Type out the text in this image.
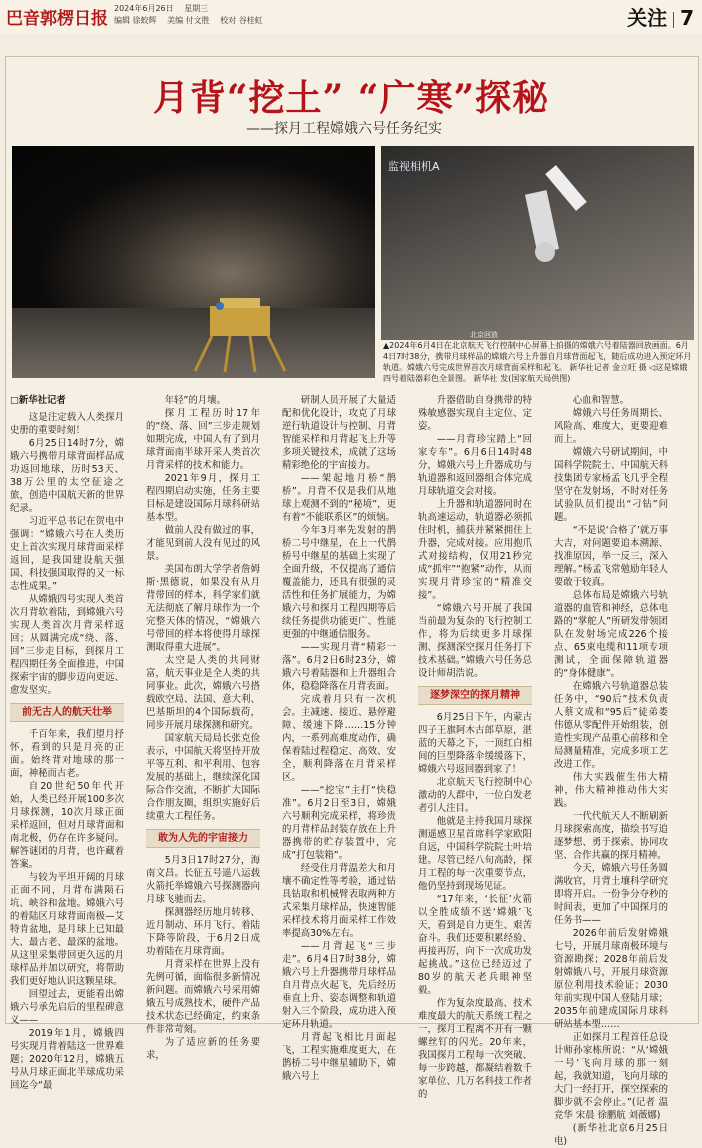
巴音郭楞日报
2024年6月26日 星期三
编辑 徐蛟辉 美编 付文胜 校对 谷桂虹	关注 7
月背“挖土” “广寒”探秘
——探月工程嫦娥六号任务纪实
监视相机A
北京回放
▲2024年6月4日在北京航天飞行控制中心屏幕上拍摄的嫦娥六号着陆器回放画面。6月4日7时38分，携带月球样品的嫦娥六号上升器自月球背面起飞，随后成功进入预定环月轨道。嫦娥六号完成世界首次月球背面采样和起飞。 新华社记者 金立旺 摄 ◁这是嫦娥四号着陆器彩色全景图。 新华社 发(国家航天局供图)
□新华社记者

这是注定载入人类探月史册的重要时刻！

6月25日14时7分，嫦娥六号携带月球背面样品成功返回地球，历时53天、38万公里的太空征途之旅，创造中国航天新的世界纪录。

习近平总书记在贺电中强调：“嫦娥六号在人类历史上首次实现月球背面采样返回，是我国建设航天强国、科技强国取得的又一标志性成果。”

从嫦娥四号实现人类首次月背软着陆，到嫦娥六号实现人类首次月背采样返回；从圆满完成“绕、落、回”三步走目标，到探月工程四期任务全面推进，中国探索宇宙的脚步迈向更远、愈发坚实。

前无古人的航天壮举

千百年来，我们望月抒怀，看到的只是月亮的正面。始终背对地球的那一面，神秘而古老。

自20世纪50年代开始，人类已经开展100多次月球探测，10次月球正面采样返回，但对月球背面和南北极，仍存在许多疑问。解答谜团的月背，也许藏着答案。

与较为平坦开阔的月球正面不同，月背布满陨石坑、峡谷和盆地。嫦娥六号的着陆区月球背面南极—艾特肯盆地，是月球上已知最大、最古老、最深的盆地。从这里采集带回更久远的月球样品并加以研究，将帮助我们更好地认识这颗星球。

回望过去，更能看出嫦娥六号承先启后的里程碑意义——

2019年1月，嫦娥四号实现月背着陆这一世界难题；2020年12月，嫦娥五号从月球正面北半球成功采回迄今“最

年轻”的月壤。

探月工程历时17年的“绕、落、回”三步走规划如期完成，中国人有了到月球背面南半球开采人类首次月背采样的技术和能力。

2021年9月，探月工程四期启动实施，任务主要目标是建设国际月球科研站基本型。

做前人没有做过的事，才能见到前人没有见过的风景。

美国布朗大学学者詹姆斯·黑德说，如果没有从月背带回的样本，科学家们就无法彻底了解月球作为一个完整天体的情况，“嫦娥六号带回的样本将使得月球探测取得重大进展”。

太空是人类的共同财富，航天事业是全人类的共同事业。此次，嫦娥六号搭载欧空局、法国、意大利、巴基斯坦的4个国际载荷，同步开展月球探测和研究。

国家航天局局长张克俭表示，中国航天将坚持开放平等互利、和平利用、包容发展的基础上，继续深化国际合作交流，不断扩大国际合作朋友圈，组织实施好后续重大工程任务。

敢为人先的宇宙接力

5月3日17时27分，海南文昌。长征五号遥八运载火箭托举嫦娥六号探测器向月球飞驰而去。

探测器经历地月转移、近月制动、环月飞行、着陆下降等阶段，于6月2日成功着陆在月球背面。

月背采样在世界上没有先例可循，面临很多新情况新问题。而嫦娥六号采用嫦娥五号成熟技术，硬件产品技术状态已经确定，约束条件非常苛刻。

为了适应新的任务要求，

研制人员开展了大量适配和优化设计，攻克了月球逆行轨道设计与控制、月背智能采样和月背起飞上升等多项关键技术，成就了这场精彩绝伦的宇宙接力。

——架起地月桥“鹊桥”。月背不仅是我们从地球上观测不到的“秘境”，更有着“不能联系区”的烦恼。

今年3月率先发射的鹊桥二号中继星，在上一代鹊桥号中继星的基础上实现了全面升级，不仅提高了通信覆盖能力，还具有很强的灵活性和任务扩展能力，为嫦娥六号和探月工程四期等后续任务提供功能更广、性能更强的中继通信服务。

——实现月背“精彩一落”。6月2日6时23分，嫦娥六号着陆器和上升器组合体，稳稳降落在月背表面。

完成着月只有一次机会。主减速、接近、悬停避障、缓速下降……15分钟内，一系列高难度动作，确保着陆过程稳定、高效、安全，顺利降落在月背采样区。

——“挖宝”主打“快稳准”。6月2日至3日，嫦娥六号顺利完成采样，将珍贵的月背样品封装存放在上升器携带的贮存装置中，完成“打包装箱”。

经受住月背温差大和月壤不确定性等考验，通过钻具钻取和机械臂表取两种方式采集月球样品，快速智能采样技术将月面采样工作效率提高30%左右。

——月背起飞“三步走”。6月4日7时38分，嫦娥六号上升器携带月球样品自月背点火起飞，先后经历垂直上升、姿态调整和轨道射入三个阶段，成功进入预定环月轨道。

月背起飞相比月面起飞，工程实施难度更大，在鹊桥二号中继星辅助下，嫦娥六号上

升器借助自身携带的特殊敏感器实现自主定位、定姿。

——月背珍宝踏上“回家专车”。6月6日14时48分，嫦娥六号上升器成功与轨道器和返回器组合体完成月球轨道交会对接。

上升器和轨道器同时在轨高速运动，轨道器必须抓住时机，捕获并紧紧拥住上升器，完成对接。应用抱爪式对接结构，仅用21秒完成“抓牢”“抱紧”动作，从而实现月背珍宝的“精准交接”。

“嫦娥六号开展了我国当前最为复杂的飞行控制工作，将为后续更多月球探测、探测深空探月任务打下技术基础。”嫦娥六号任务总设计师胡浩说。

逐梦深空的探月精神

6月25日下午，内蒙古四子王旗阿木古郎草原，湛蓝的天幕之下，一顶红白相间的巨型降落伞缓缓落下，嫦娥六号返回器到家了！

北京航天飞行控制中心激动的人群中，一位白发老者引人注目。

他就是主持我国月球探测遥感卫星首席科学家欧阳自远，中国科学院院士叶培建。尽管已经八旬高龄，探月工程的每一次重要节点，他仍坚持到现场见证。

“17年来，‘长征’火箭以全胜成绩不送‘嫦娥’飞天，看到是自力更生、艰苦奋斗。我们还要积累经验、再接再厉，向下一次成功发起挑战。”这位已经迈过了80岁的航天老兵眼神坚毅。

作为复杂度最高、技术难度最大的航天系统工程之一，探月工程离不开有一颗螺丝钉的闪光。20年来，我国探月工程每一次突破、每一步跨越，都凝结着数千家单位、几万名科技工作者的

心血和智慧。

嫦娥六号任务周期长、风险高、难度大，更要迎难而上。

嫦娥六号研试期间，中国科学院院士、中国航天科技集团专家杨孟飞几乎全程坚守在发射场，不时对任务试验队员们提出“刁钻”问题。

“不是说‘合格了’就万事大吉，对问题要追本溯源、找准原因，举一反三，深入理解。”杨孟飞常勉励年轻人要敢于较真。

总体布局是嫦娥六号轨道器的血管和神经，总体电路的“掌舵人”所研发带领团队在发射场完成226个接点、65束电缆和11项专项测试，全面保障轨道器的“身体健康”。

在嫦娥六号轨道器总装任务中，“90后”技术负责人蔡文成和“95后”徒弟娄伟德从零配件开始组装，创造性实现产品重心前移和全局测量精准，完成多项工艺改进工作。

伟大实践催生伟大精神，伟大精神推动伟大实践。

一代代航天人不断刷新月球探索高度，描绘书写追逐梦想、勇于探索、协同攻坚、合作共赢的探月精神。

今天，嫦娥六号任务圆满收官，月背土壤科学研究即将开启。一份争分夺秒的时间表，更加了中国探月的任务书——

2026年前后发射嫦娥七号，开展月球南极环境与资源勘探；2028年前后发射嫦娥八号，开展月球资源原位利用技术验证；2030年前实现中国人登陆月球；2035年前建成国际月球科研站基本型……

正如探月工程首任总设计师孙家栋所说：“从‘嫦娥一号’飞向月球的那一刻起，我就知道，飞向月球的大门一经打开，探空探索的脚步就不会停止。”(记者 温竞华 宋晨 徐鹏航 刘薇娜)

(新华社北京6月25日电)
